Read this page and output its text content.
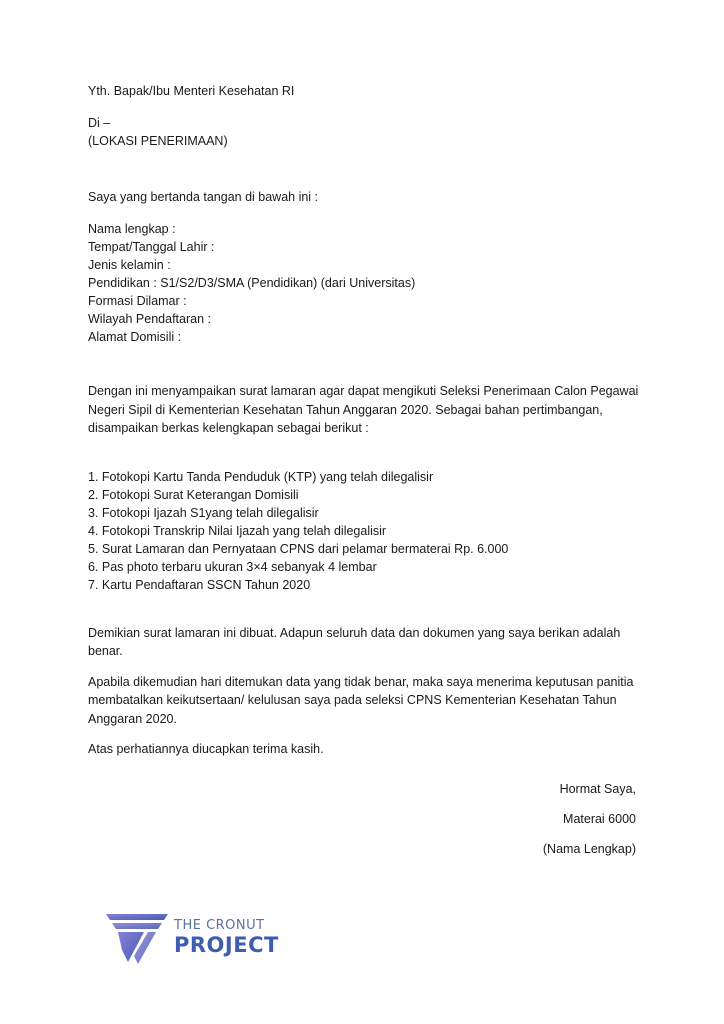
Yth. Bapak/Ibu Menteri Kesehatan RI
Di –
(LOKASI PENERIMAAN)
Saya yang bertanda tangan di bawah ini :
Nama lengkap :
Tempat/Tanggal Lahir :
Jenis kelamin :
Pendidikan : S1/S2/D3/SMA (Pendidikan) (dari Universitas)
Formasi Dilamar :
Wilayah Pendaftaran :
Alamat Domisili :
Dengan ini menyampaikan surat lamaran agar dapat mengikuti Seleksi Penerimaan Calon Pegawai
Negeri Sipil di Kementerian Kesehatan Tahun Anggaran 2020. Sebagai bahan pertimbangan,
disampaikan berkas kelengkapan sebagai berikut :
1. Fotokopi Kartu Tanda Penduduk (KTP) yang telah dilegalisir
2. Fotokopi Surat Keterangan Domisili
3. Fotokopi Ijazah S1yang telah dilegalisir
4. Fotokopi Transkrip Nilai Ijazah yang telah dilegalisir
5. Surat Lamaran dan Pernyataan CPNS dari pelamar bermaterai Rp. 6.000
6. Pas photo terbaru ukuran 3×4 sebanyak 4 lembar
7. Kartu Pendaftaran SSCN Tahun 2020
Demikian surat lamaran ini dibuat. Adapun seluruh data dan dokumen yang saya berikan adalah
benar.
Apabila dikemudian hari ditemukan data yang tidak benar, maka saya menerima keputusan panitia
membatalkan keikutsertaan/ kelulusan saya pada seleksi CPNS Kementerian Kesehatan Tahun
Anggaran 2020.
Atas perhatiannya diucapkan terima kasih.
Hormat Saya,
Materai 6000
(Nama Lengkap)
THE CRONUT
PROJECT
